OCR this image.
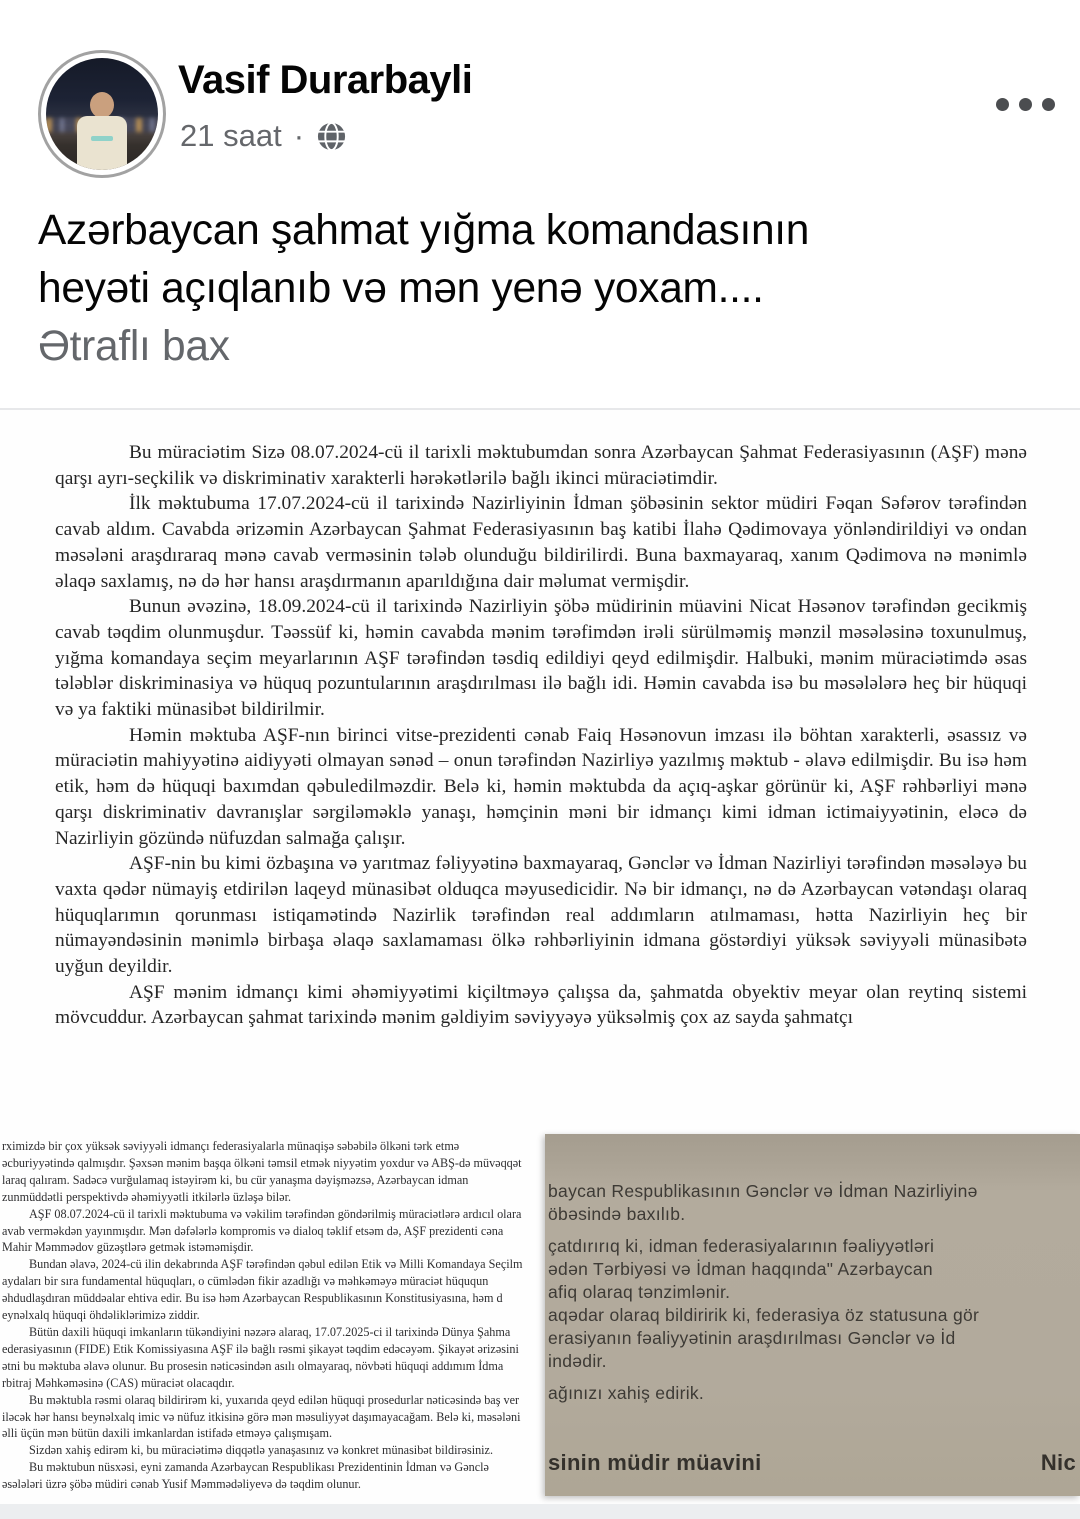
Vasif Durarbayli
21 saat ·
Azərbaycan şahmat yığma komandasının
heyəti açıqlanıb və mən yenə yoxam....
Ətraflı bax

Bu müraciətim Sizə 08.07.2024-cü il tarixli məktubumdan sonra Azərbaycan Şahmat Federasiyasının (AŞF) mənə qarşı ayrı-seçkilik və diskriminativ xarakterli hərəkətlərilə bağlı ikinci müraciətimdir.

İlk məktubuma 17.07.2024-cü il tarixində Nazirliyinin İdman şöbəsinin sektor müdiri Fəqan Səfərov tərəfindən cavab aldım. Cavabda ərizəmin Azərbaycan Şahmat Federasiyasının baş katibi İlahə Qədimovaya yönləndirildiyi və ondan məsələni araşdıraraq mənə cavab verməsinin tələb olunduğu bildirilirdi. Buna baxmayaraq, xanım Qədimova nə mənimlə əlaqə saxlamış, nə də hər hansı araşdırmanın aparıldığına dair məlumat vermişdir.

Bunun əvəzinə, 18.09.2024-cü il tarixində Nazirliyin şöbə müdirinin müavini Nicat Həsənov tərəfindən gecikmiş cavab təqdim olunmuşdur. Təəssüf ki, həmin cavabda mənim tərəfimdən irəli sürülməmiş mənzil məsələsinə toxunulmuş, yığma komandaya seçim meyarlarının AŞF tərəfindən təsdiq edildiyi qeyd edilmişdir. Halbuki, mənim müraciətimdə əsas tələblər diskriminasiya və hüquq pozuntularının araşdırılması ilə bağlı idi. Həmin cavabda isə bu məsələlərə heç bir hüquqi və ya faktiki münasibət bildirilmir.

Həmin məktuba AŞF-nın birinci vitse-prezidenti cənab Faiq Həsənovun imzası ilə böhtan xarakterli, əsassız və müraciətin mahiyyətinə aidiyyəti olmayan sənəd – onun tərəfindən Nazirliyə yazılmış məktub - əlavə edilmişdir. Bu isə həm etik, həm də hüquqi baxımdan qəbuledilməzdir. Belə ki, həmin məktubda da açıq-aşkar görünür ki, AŞF rəhbərliyi mənə qarşı diskriminativ davranışlar sərgiləməklə yanaşı, həmçinin məni bir idmançı kimi idman ictimaiyyətinin, eləcə də Nazirliyin gözündə nüfuzdan salmağa çalışır.

AŞF-nin bu kimi özbaşına və yarıtmaz fəliyyətinə baxmayaraq, Gənclər və İdman Nazirliyi tərəfindən məsələyə bu vaxta qədər nümayiş etdirilən laqeyd münasibət olduqca məyusedicidir. Nə bir idmançı, nə də Azərbaycan vətəndaşı olaraq hüquqlarımın qorunması istiqamətində Nazirlik tərəfindən real addımların atılmaması, hətta Nazirliyin heç bir nümayəndəsinin mənimlə birbaşa əlaqə saxlamaması ölkə rəhbərliyinin idmana göstərdiyi yüksək səviyyəli münasibətə uyğun deyildir.

AŞF mənim idmançı kimi əhəmiyyətimi kiçiltməyə çalışsa da, şahmatda obyektiv meyar olan reytinq sistemi mövcuddur. Azərbaycan şahmat tarixində mənim gəldiyim səviyyəyə yüksəlmiş çox az sayda şahmatçı

rximizdə bir çox yüksək səviyyəli idmançı federasiyalarla münaqişə səbəbilə ölkəni tərk etmə
əcburiyyətində qalmışdır. Şəxsən mənim başqa ölkəni təmsil etmək niyyətim yoxdur və ABŞ-də müvəqqət
laraq qalıram. Sadəcə vurğulamaq istəyirəm ki, bu cür yanaşma dəyişməzsə, Azərbaycan idman
zunmüddətli perspektivdə əhəmiyyətli itkilərlə üzləşə bilər.
AŞF 08.07.2024-cü il tarixli məktubuma və vəkilim tərəfindən göndərilmiş müraciətlərə ardıcıl olara
avab verməkdən yayınmışdır. Mən dəfələrlə kompromis və dialoq təklif etsəm də, AŞF prezidenti cəna
Mahir Məmmədov güzəştlərə getmək istəməmişdir.
Bundan əlavə, 2024-cü ilin dekabrında AŞF tərəfindən qəbul edilən Etik və Milli Komandaya Seçilm
aydaları bir sıra fundamental hüquqları, o cümlədən fikir azadlığı və məhkəməyə müraciət hüququn
əhdudlaşdıran müddəalar ehtiva edir. Bu isə həm Azərbaycan Respublikasının Konstitusiyasına, həm d
eynəlxalq hüquqi öhdəliklərimizə ziddir.
Bütün daxili hüquqi imkanların tükəndiyini nəzərə alaraq, 17.07.2025-ci il tarixində Dünya Şahma
ederasiyasının (FIDE) Etik Komissiyasına AŞF ilə bağlı rəsmi şikayət təqdim edəcəyəm. Şikayət ərizəsini
ətni bu məktuba əlavə olunur. Bu prosesin nəticəsindən asılı olmayaraq, növbəti hüquqi addımım İdma
rbitraj Məhkəməsinə (CAS) müraciət olacaqdır.
Bu məktubla rəsmi olaraq bildirirəm ki, yuxarıda qeyd edilən hüquqi prosedurlar nəticəsində baş ver
iləcək hər hansı beynəlxalq imic və nüfuz itkisinə görə mən məsuliyyət daşımayacağam. Belə ki, məsələni
əlli üçün mən bütün daxili imkanlardan istifadə etməyə çalışmışam.
Sizdən xahiş edirəm ki, bu müraciətimə diqqətlə yanaşasınız və konkret münasibət bildirəsiniz.
Bu məktubun nüsxəsi, eyni zamanda Azərbaycan Respublikası Prezidentinin İdman və Gənclə
əsələləri üzrə şöbə müdiri cənab Yusif Məmmədəliyevə də təqdim olunur.
baycan Respublikasının Gənclər və İdman Nazirliyinə
öbəsində baxılıb.
çatdırırıq ki, idman federasiyalarının fəaliyyətləri
ədən Tərbiyəsi və İdman haqqında" Azərbaycan
afiq olaraq tənzimlənir.
aqədar olaraq bildiririk ki, federasiya öz statusuna gör
erasiyanın fəaliyyətinin araşdırılması Gənclər və İd
indədir.
ağınızı xahiş edirik.
sinin müdir müavini	Nic
